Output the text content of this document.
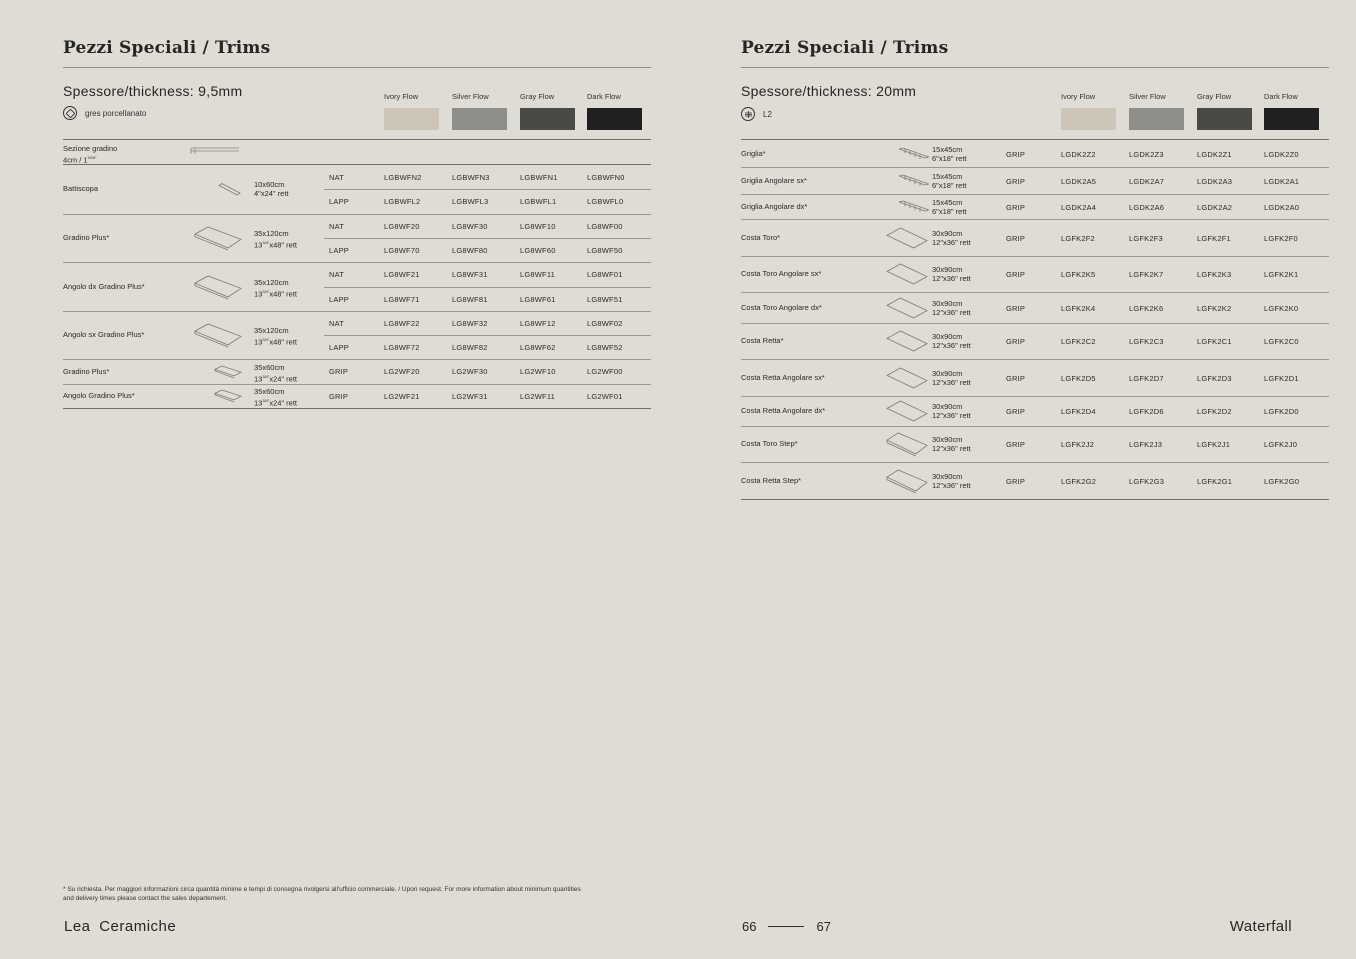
Pezzi Speciali / Trims
Spessore/thickness: 9,5mm
gres porcellanato
Ivory Flow	Silver Flow	Gray Flow	Dark Flow
Sezione gradino
$4cm / 1^{9/16"}$
Battiscopa	10x60cm
4"x24" rett
NAT	LGBWFN2	LGBWFN3	LGBWFN1	LGBWFN0
LAPP	LGBWFL2	LGBWFL3	LGBWFL1	LGBWFL0
Gradino Plus*	35x120cm
$13^{3/4"}x48$" rett
NAT	LG8WF20	LG8WF30	LG8WF10	LG8WF00
LAPP	LG8WF70	LG8WF80	LG8WF60	LG8WF50
Angolo dx Gradino Plus*	35x120cm
$13^{3/4"}x48$" rett
NAT	LG8WF21	LG8WF31	LG8WF11	LG8WF01
LAPP	LG8WF71	LG8WF81	LG8WF61	LG8WF51
Angolo sx Gradino Plus*	35x120cm
$13^{3/4"}x48$" rett
NAT	LG8WF22	LG8WF32	LG8WF12	LG8WF02
LAPP	LG8WF72	LG8WF82	LG8WF62	LG8WF52
Gradino Plus*	35x60cm
$13^{3/4"}x24$" rett
GRIP	LG2WF20	LG2WF30	LG2WF10	LG2WF00
Angolo Gradino Plus*	35x60cm
$13^{3/4"}x24$" rett
GRIP	LG2WF21	LG2WF31	LG2WF11	LG2WF01
Pezzi Speciali / Trims
Spessore/thickness: 20mm
L2
Ivory Flow	Silver Flow	Gray Flow	Dark Flow
Griglia*	15x45cm
6"x18" rett	GRIP	LGDK2Z2	LGDK2Z3	LGDK2Z1	LGDK2Z0
Griglia Angolare sx*	15x45cm
6"x18" rett	GRIP	LGDK2A5	LGDK2A7	LGDK2A3	LGDK2A1
Griglia Angolare dx*	15x45cm
6"x18" rett	GRIP	LGDK2A4	LGDK2A6	LGDK2A2	LGDK2A0
Costa Toro*	30x90cm
12"x36" rett	GRIP	LGFK2F2	LGFK2F3	LGFK2F1	LGFK2F0
Costa Toro Angolare sx*	30x90cm
12"x36" rett	GRIP	LGFK2K5	LGFK2K7	LGFK2K3	LGFK2K1
Costa Toro Angolare dx*	30x90cm
12"x36" rett	GRIP	LGFK2K4	LGFK2K6	LGFK2K2	LGFK2K0
Costa Retta*	30x90cm
12"x36" rett	GRIP	LGFK2C2	LGFK2C3	LGFK2C1	LGFK2C0
Costa Retta Angolare sx*	30x90cm
12"x36" rett	GRIP	LGFK2D5	LGFK2D7	LGFK2D3	LGFK2D1
Costa Retta Angolare dx*	30x90cm
12"x36" rett	GRIP	LGFK2D4	LGFK2D6	LGFK2D2	LGFK2D0
Costa Toro Step*	30x90cm
12"x36" rett	GRIP	LGFK2J2	LGFK2J3	LGFK2J1	LGFK2J0
Costa Retta Step*	30x90cm
12"x36" rett	GRIP	LGFK2G2	LGFK2G3	LGFK2G1	LGFK2G0
* Su richiesta. Per maggiori informazioni circa quantità minime e tempi di consegna rivolgersi all'ufficio commerciale. / Upon request. For more information about minimum quantities
and delivery times please contact the sales departement.
Lea Ceramiche	66	67	Waterfall
